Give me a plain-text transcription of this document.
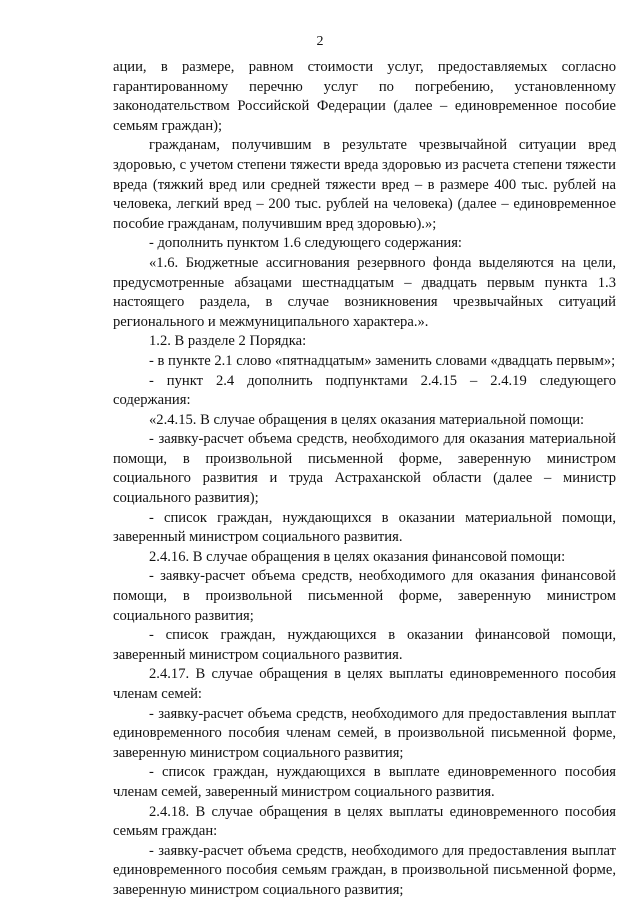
2

ации, в размере, равном стоимости услуг, предоставляемых согласно гарантированному перечню услуг по погребению, установленному законодательством Российской Федерации (далее – единовременное пособие семьям граждан);

гражданам, получившим в результате чрезвычайной ситуации вред здоровью, с учетом степени тяжести вреда здоровью из расчета степени тяжести вреда (тяжкий вред или средней тяжести вред – в размере 400 тыс. рублей на человека, легкий вред – 200 тыс. рублей на человека) (далее – единовременное пособие гражданам, получившим вред здоровью).»;

- дополнить пунктом 1.6 следующего содержания:

«1.6. Бюджетные ассигнования резервного фонда выделяются на цели, предусмотренные абзацами шестнадцатым – двадцать первым пункта 1.3 настоящего раздела, в случае возникновения чрезвычайных ситуаций регионального и межмуниципального характера.».

1.2. В разделе 2 Порядка:

- в пункте 2.1 слово «пятнадцатым» заменить словами «двадцать первым»;

- пункт 2.4 дополнить подпунктами 2.4.15 – 2.4.19 следующего содержания:

«2.4.15. В случае обращения в целях оказания материальной помощи:

- заявку-расчет объема средств, необходимого для оказания материальной помощи, в произвольной письменной форме, заверенную министром социального развития и труда Астраханской области (далее – министр социального развития);

- список граждан, нуждающихся в оказании материальной помощи, заверенный министром социального развития.

2.4.16. В случае обращения в целях оказания финансовой помощи:

- заявку-расчет объема средств, необходимого для оказания финансовой помощи, в произвольной письменной форме, заверенную министром социального развития;

- список граждан, нуждающихся в оказании финансовой помощи, заверенный министром социального развития.

2.4.17. В случае обращения в целях выплаты единовременного пособия членам семей:

- заявку-расчет объема средств, необходимого для предоставления выплат единовременного пособия членам семей, в произвольной письменной форме, заверенную министром социального развития;

- список граждан, нуждающихся в выплате единовременного пособия членам семей, заверенный министром социального развития.

2.4.18. В случае обращения в целях выплаты единовременного пособия семьям граждан:

- заявку-расчет объема средств, необходимого для предоставления выплат единовременного пособия семьям граждан, в произвольной письменной форме, заверенную министром социального развития;
